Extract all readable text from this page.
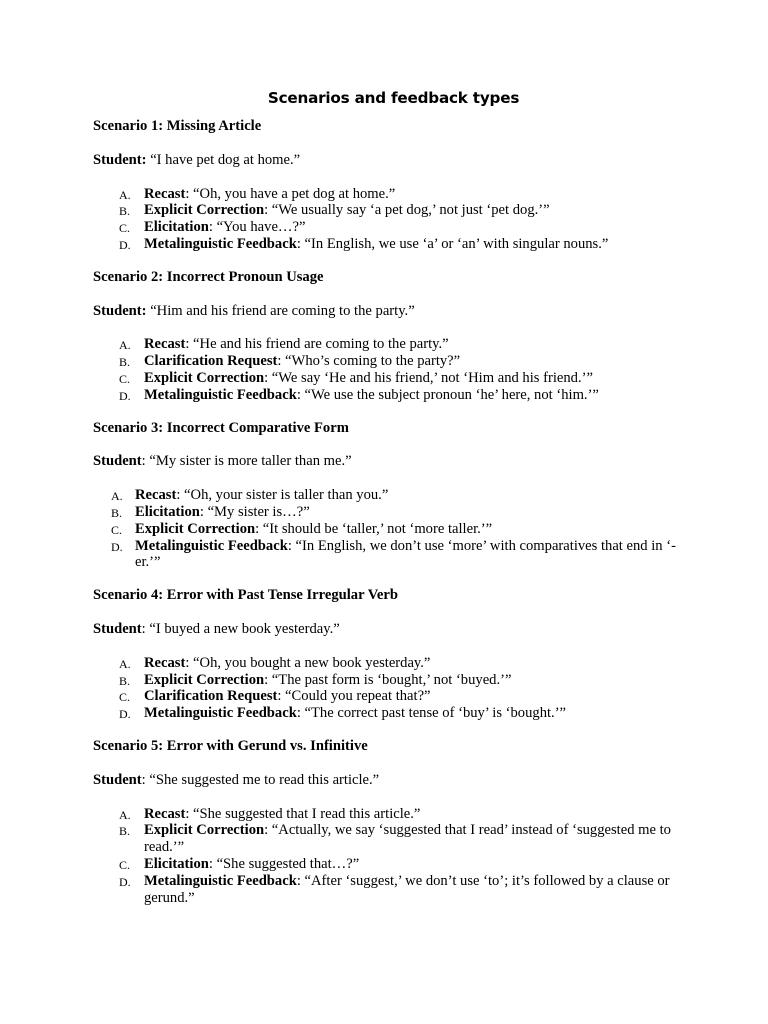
Scenarios and feedback types
Scenario 1: Missing Article
Student: “I have pet dog at home.”
A. Recast: “Oh, you have a pet dog at home.”
B. Explicit Correction: “We usually say ‘a pet dog,’ not just ‘pet dog.’”
C. Elicitation: “You have…?”
D. Metalinguistic Feedback: “In English, we use ‘a’ or ‘an’ with singular nouns.”
Scenario 2: Incorrect Pronoun Usage
Student: “Him and his friend are coming to the party.”
A. Recast: “He and his friend are coming to the party.”
B. Clarification Request: “Who’s coming to the party?”
C. Explicit Correction: “We say ‘He and his friend,’ not ‘Him and his friend.’”
D. Metalinguistic Feedback: “We use the subject pronoun ‘he’ here, not ‘him.’”
Scenario 3: Incorrect Comparative Form
Student: “My sister is more taller than me.”
A. Recast: “Oh, your sister is taller than you.”
B. Elicitation: “My sister is…?”
C. Explicit Correction: “It should be ‘taller,’ not ‘more taller.’”
D. Metalinguistic Feedback: “In English, we don’t use ‘more’ with comparatives that end in ‘-er.’”
Scenario 4: Error with Past Tense Irregular Verb
Student: “I buyed a new book yesterday.”
A. Recast: “Oh, you bought a new book yesterday.”
B. Explicit Correction: “The past form is ‘bought,’ not ‘buyed.’”
C. Clarification Request: “Could you repeat that?”
D. Metalinguistic Feedback: “The correct past tense of ‘buy’ is ‘bought.’”
Scenario 5: Error with Gerund vs. Infinitive
Student: “She suggested me to read this article.”
A. Recast: “She suggested that I read this article.”
B. Explicit Correction: “Actually, we say ‘suggested that I read’ instead of ‘suggested me to read.’”
C. Elicitation: “She suggested that…?”
D. Metalinguistic Feedback: “After ‘suggest,’ we don’t use ‘to’; it’s followed by a clause or gerund.”
